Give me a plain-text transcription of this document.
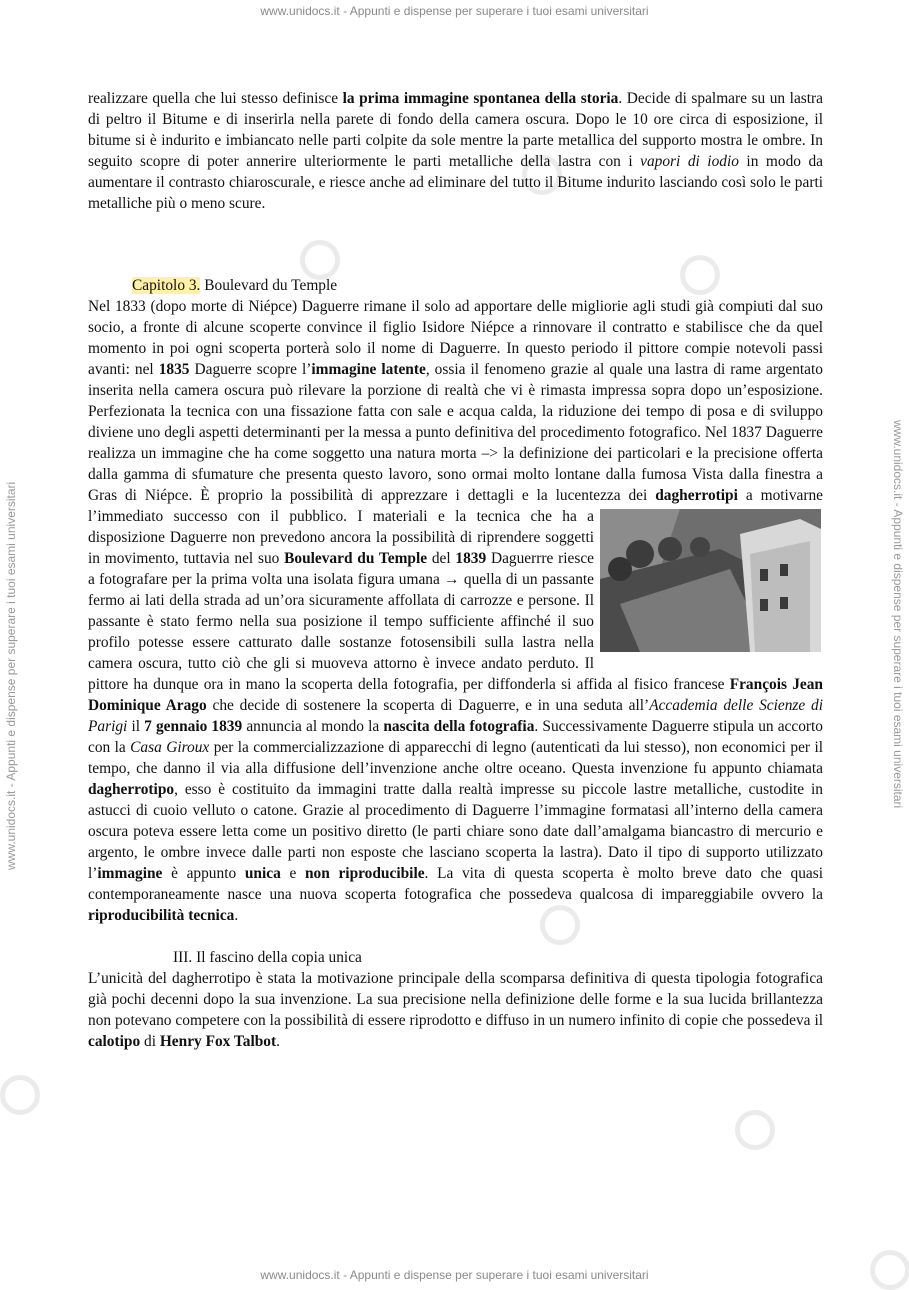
www.unidocs.it - Appunti e dispense per superare i tuoi esami universitari
www.unidocs.it - Appunti e dispense per superare i tuoi esami universitari
www.unidocs.it - Appunti e dispense per superare i tuoi esami universitari	www.unidocs.it - Appunti e dispense per superare i tuoi esami universitari

realizzare quella che lui stesso definisce la prima immagine spontanea della storia. Decide di spalmare su un lastra di peltro il Bitume e di inserirla nella parete di fondo della camera oscura. Dopo le 10 ore circa di esposizione, il bitume si è indurito e imbiancato nelle parti colpite da sole mentre la parte metallica del supporto mostra le ombre. In seguito scopre di poter annerire ulteriormente le parti metalliche della lastra con i vapori di iodio in modo da aumentare il contrasto chiaroscurale, e riesce anche ad eliminare del tutto il Bitume indurito lasciando così solo le parti metalliche più o meno scure.

Capitolo 3. Boulevard du Temple

Nel 1833 (dopo morte di Niépce) Daguerre rimane il solo ad apportare delle migliorie agli studi già compiuti dal suo socio, a fronte di alcune scoperte convince il figlio Isidore Niépce a rinnovare il contratto e stabilisce che da quel momento in poi ogni scoperta porterà solo il nome di Daguerre. In questo periodo il pittore compie notevoli passi avanti: nel 1835 Daguerre scopre l’immagine latente, ossia il fenomeno grazie al quale una lastra di rame argentato inserita nella camera oscura può rilevare la porzione di realtà che vi è rimasta impressa sopra dopo un’esposizione. Perfezionata la tecnica con una fissazione fatta con sale e acqua calda, la riduzione dei tempo di posa e di sviluppo diviene uno degli aspetti determinanti per la messa a punto definitiva del procedimento fotografico. Nel 1837 Daguerre realizza un immagine che ha come soggetto una natura morta –> la definizione dei particolari e la precisione offerta dalla gamma di sfumature che presenta questo lavoro, sono ormai molto lontane dalla fumosa Vista dalla finestra a Gras di Niépce. È proprio la possibilità di apprezzare i dettagli e la lucentezza dei dagherrotipi
a motivarne l’immediato successo con il pubblico. I materiali e la tecnica che ha a disposizione Daguerre non prevedono ancora la possibilità di riprendere soggetti in movimento, tuttavia nel suo Boulevard du Temple del 1839 Daguerrre riesce a fotografare per la prima volta una isolata figura umana → quella di un passante fermo ai lati della strada ad un’ora sicuramente affollata di carrozze e persone. Il passante è stato fermo nella sua posizione il tempo sufficiente affinché il suo profilo potesse essere catturato dalle sostanze fotosensibili sulla lastra nella camera oscura, tutto ciò che gli si muoveva attorno è invece andato perduto. Il pittore ha dunque ora in mano la scoperta della fotografia, per diffonderla si affida al fisico francese François Jean Dominique Arago che decide di sostenere la scoperta di Daguerre, e in una seduta all’Accademia delle Scienze di Parigi il 7 gennaio 1839 annuncia al mondo la nascita della fotografia. Successivamente Daguerre stipula un accorto con la Casa Giroux per la commercializzazione di apparecchi di legno (autenticati da lui stesso), non economici per il tempo, che danno il via alla diffusione dell’invenzione anche oltre oceano. Questa invenzione fu appunto chiamata dagherrotipo, esso è costituito da immagini tratte dalla realtà impresse su piccole lastre metalliche, custodite in astucci di cuoio velluto o catone. Grazie al procedimento di Daguerre l’immagine formatasi all’interno della camera oscura poteva essere letta come un positivo diretto (le parti chiare sono date dall’amalgama biancastro di mercurio e argento, le ombre invece dalle parti non esposte che lasciano scoperta la lastra). Dato il tipo di supporto utilizzato l’immagine è appunto unica e non riproducibile. La vita di questa scoperta è molto breve dato che quasi contemporaneamente nasce una nuova scoperta fotografica che possedeva qualcosa di impareggiabile ovvero la riproducibilità tecnica.

III. Il fascino della copia unica

L’unicità del dagherrotipo è stata la motivazione principale della scomparsa definitiva di questa tipologia fotografica già pochi decenni dopo la sua invenzione. La sua precisione nella definizione delle forme e la sua lucida brillantezza non potevano competere con la possibilità di essere riprodotto e diffuso in un numero infinito di copie che possedeva il calotipo di Henry Fox Talbot.
